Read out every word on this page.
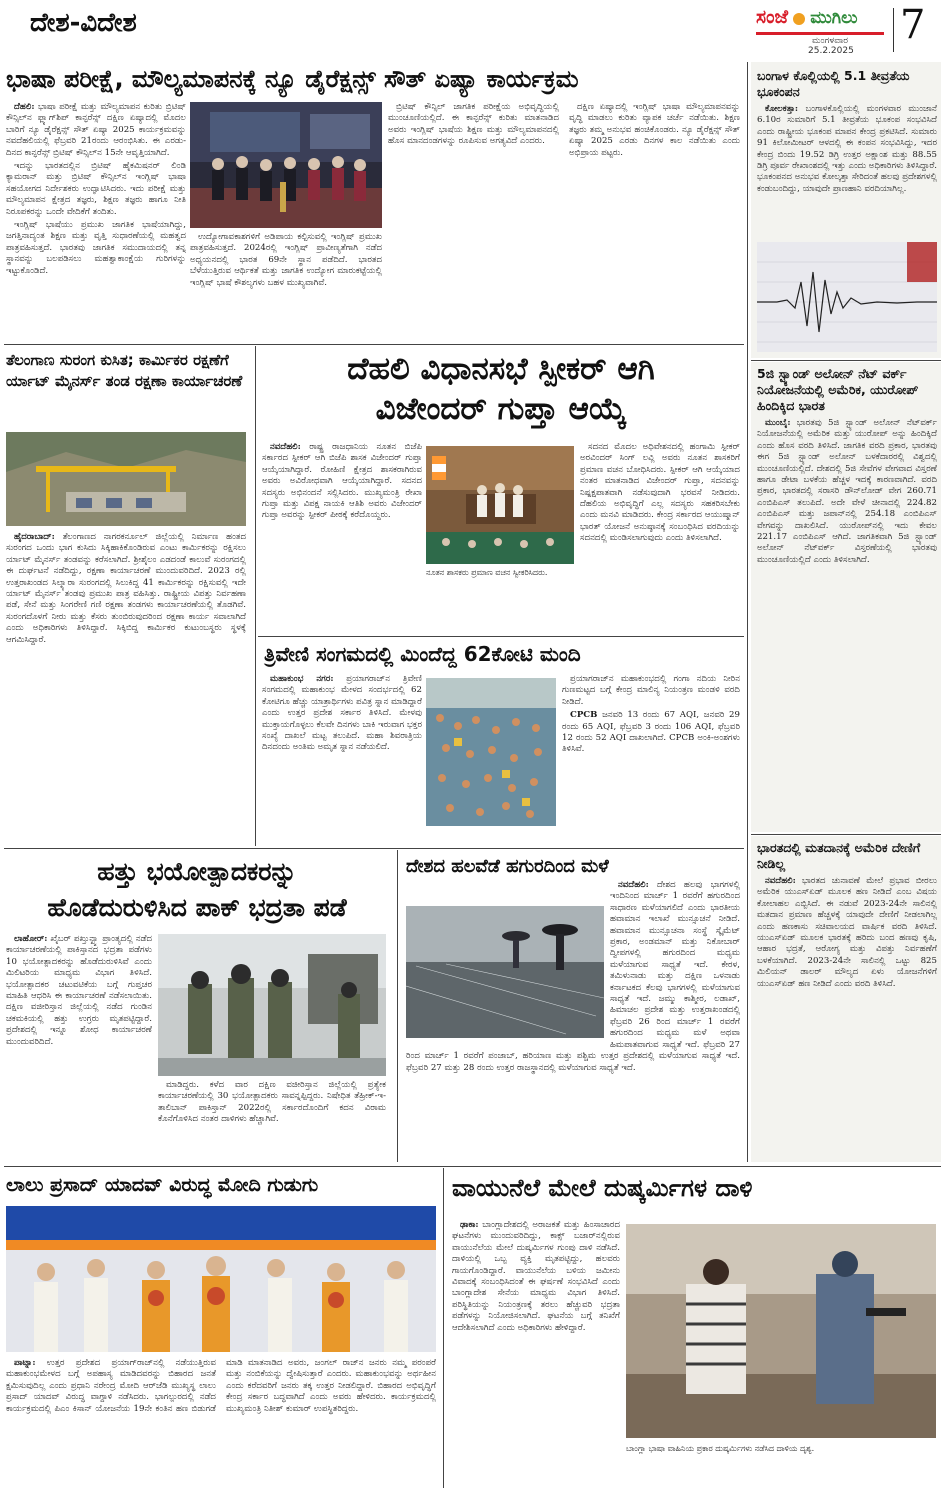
ದೇಶ-ವಿದೇಶ	ಸಂಜೆ ಮುಗಿಲು
ಮಂಗಳವಾರ
25.2.2025
7
ಭಾಷಾ ಪರೀಕ್ಷೆ, ಮೌಲ್ಯಮಾಪನಕ್ಕೆ ನ್ಯೂ ಡೈರೆಕ್ಷನ್ಸ್ ಸೌತ್ ಏಷ್ಯಾ ಕಾರ್ಯಕ್ರಮ

ದೆಹಲಿ: ಭಾಷಾ ಪರೀಕ್ಷೆ ಮತ್ತು ಮೌಲ್ಯಮಾಪನ ಕುರಿತು ಬ್ರಿಟಿಷ್ ಕೌನ್ಸಿಲ್‌ನ ಫ್ಲ್ಯಾಗ್‌ಶಿಪ್ ಕಾನ್ಫರೆನ್ಸ್ ದಕ್ಷಿಣ ಏಷ್ಯಾದಲ್ಲಿ ಮೊದಲ ಬಾರಿಗೆ ನ್ಯೂ ಡೈರೆಕ್ಷನ್ಸ್ ಸೌತ್ ಏಷ್ಯಾ 2025 ಕಾರ್ಯಕ್ರಮವನ್ನು ನವದೆಹಲಿಯಲ್ಲಿ ಫೆಬ್ರವರಿ 21ರಂದು ಆರಂಭಿಸಿತು. ಈ ಎರಡು-ದಿನದ ಕಾನ್ಫರೆನ್ಸ್ ಬ್ರಿಟಿಷ್ ಕೌನ್ಸಿಲ್‌ನ 15ನೇ ಆವೃತ್ತಿಯಾಗಿದೆ.

ಇದನ್ನು ಭಾರತದಲ್ಲಿನ ಬ್ರಿಟಿಷ್ ಹೈಕಮಿಷನರ್ ಲಿಂಡಿ ಕ್ಯಾಮರಾನ್ ಮತ್ತು ಬ್ರಿಟಿಷ್ ಕೌನ್ಸಿಲ್‌ನ ಇಂಗ್ಲಿಷ್ ಭಾಷಾ ಸಹಯೋಗದ ನಿರ್ದೇಶಕರು ಉದ್ಘಾಟಿಸಿದರು. ಇದು ಪರೀಕ್ಷೆ ಮತ್ತು ಮೌಲ್ಯಮಾಪನ ಕ್ಷೇತ್ರದ ತಜ್ಞರು, ಶಿಕ್ಷಣ ತಜ್ಞರು ಹಾಗೂ ನೀತಿ ನಿರೂಪಕರನ್ನು ಒಂದೇ ವೇದಿಕೆಗೆ ತಂದಿತು.

ಇಂಗ್ಲಿಷ್ ಭಾಷೆಯು ಪ್ರಮುಖ ಜಾಗತಿಕ ಭಾಷೆಯಾಗಿದ್ದು, ಜಗತ್ತಿನಾದ್ಯಂತ ಶಿಕ್ಷಣ ಮತ್ತು ವೃತ್ತಿ ಸುಧಾರಣೆಯಲ್ಲಿ ಮಹತ್ವದ ಪಾತ್ರವಹಿಸುತ್ತದೆ. ಭಾರತವು ಜಾಗತಿಕ ಸಮುದಾಯದಲ್ಲಿ ತನ್ನ ಸ್ಥಾನವನ್ನು ಬಲಪಡಿಸಲು ಮಹತ್ವಾಕಾಂಕ್ಷೆಯ ಗುರಿಗಳನ್ನು ಇಟ್ಟುಕೊಂಡಿದೆ.

ಉದ್ಯೋಗಾವಕಾಶಗಳಿಗೆ ಅಡಿಪಾಯ ಕಲ್ಪಿಸುವಲ್ಲಿ ಇಂಗ್ಲಿಷ್ ಪ್ರಮುಖ ಪಾತ್ರವಹಿಸುತ್ತದೆ. 2024ರಲ್ಲಿ ಇಂಗ್ಲಿಷ್ ಪ್ರಾವೀಣ್ಯತೆಗಾಗಿ ನಡೆದ ಅಧ್ಯಯನದಲ್ಲಿ ಭಾರತ 69ನೇ ಸ್ಥಾನ ಪಡೆದಿದೆ. ಭಾರತದ ಬೆಳೆಯುತ್ತಿರುವ ಆರ್ಥಿಕತೆ ಮತ್ತು ಜಾಗತಿಕ ಉದ್ಯೋಗ ಮಾರುಕಟ್ಟೆಯಲ್ಲಿ ಇಂಗ್ಲಿಷ್ ಭಾಷೆ ಕೌಶಲ್ಯಗಳು ಬಹಳ ಮುಖ್ಯವಾಗಿವೆ.

ಬ್ರಿಟಿಷ್ ಕೌನ್ಸಿಲ್ ಜಾಗತಿಕ ಪರೀಕ್ಷೆಯ ಅಭಿವೃದ್ಧಿಯಲ್ಲಿ ಮುಂಚೂಣಿಯಲ್ಲಿದೆ. ಈ ಕಾನ್ಫರೆನ್ಸ್ ಕುರಿತು ಮಾತನಾಡಿದ ಅವರು ಇಂಗ್ಲಿಷ್ ಭಾಷೆಯ ಶಿಕ್ಷಣ ಮತ್ತು ಮೌಲ್ಯಮಾಪನದಲ್ಲಿ ಹೊಸ ಮಾನದಂಡಗಳನ್ನು ರೂಪಿಸುವ ಅಗತ್ಯವಿದೆ ಎಂದರು.

ದಕ್ಷಿಣ ಏಷ್ಯಾದಲ್ಲಿ ಇಂಗ್ಲಿಷ್ ಭಾಷಾ ಮೌಲ್ಯಮಾಪನವನ್ನು ವೃದ್ಧಿ ಮಾಡಲು ಕುರಿತು ವ್ಯಾಪಕ ಚರ್ಚೆ ನಡೆಯಿತು. ಶಿಕ್ಷಣ ತಜ್ಞರು ತಮ್ಮ ಅನುಭವ ಹಂಚಿಕೊಂಡರು. ನ್ಯೂ ಡೈರೆಕ್ಷನ್ಸ್ ಸೌತ್ ಏಷ್ಯಾ 2025 ಎರಡು ದಿನಗಳ ಕಾಲ ನಡೆಯಿತು ಎಂದು ಅಭಿಪ್ರಾಯ ಪಟ್ಟರು.

ಬಂಗಾಳ ಕೊಲ್ಲಿಯಲ್ಲಿ 5.1 ತೀವ್ರತೆಯ ಭೂಕಂಪನ

ಕೋಲಕತ್ತಾ: ಬಂಗಾಳಕೊಲ್ಲಿಯಲ್ಲಿ ಮಂಗಳವಾರ ಮುಂಜಾನೆ 6.10ರ ಸುಮಾರಿಗೆ 5.1 ತೀವ್ರತೆಯ ಭೂಕಂಪ ಸಂಭವಿಸಿದೆ ಎಂದು ರಾಷ್ಟ್ರೀಯ ಭೂಕಂಪ ಮಾಪನ ಕೇಂದ್ರ ಪ್ರಕಟಿಸಿದೆ. ಸುಮಾರು 91 ಕಿಲೋಮೀಟರ್ ಆಳದಲ್ಲಿ ಈ ಕಂಪನ ಸಂಭವಿಸಿದ್ದು, ಇದರ ಕೇಂದ್ರ ಬಿಂದು 19.52 ಡಿಗ್ರಿ ಉತ್ತರ ಅಕ್ಷಾಂಶ ಮತ್ತು 88.55 ಡಿಗ್ರಿ ಪೂರ್ವ ರೇಖಾಂಶದಲ್ಲಿ ಇತ್ತು ಎಂದು ಅಧಿಕಾರಿಗಳು ತಿಳಿಸಿದ್ದಾರೆ. ಭೂಕಂಪನದ ಅನುಭವ ಕೋಲ್ಕತ್ತಾ ಸೇರಿದಂತೆ ಹಲವು ಪ್ರದೇಶಗಳಲ್ಲಿ ಕಂಡುಬಂದಿದ್ದು, ಯಾವುದೇ ಪ್ರಾಣಹಾನಿ ವರದಿಯಾಗಿಲ್ಲ.

5ಜಿ ಸ್ಟ್ಯಾಂಡ್ ಅಲೋನ್ ನೆಟ್ ವರ್ಕ್ ನಿಯೋಜನೆಯಲ್ಲಿ ಅಮೆರಿಕ, ಯುರೋಪ್ ಹಿಂದಿಕ್ಕಿದ ಭಾರತ

ಮುಂಬೈ: ಭಾರತವು 5ಜಿ ಸ್ಟ್ಯಾಂಡ್ ಅಲೋನ್ ನೆಟ್‌ವರ್ಕ್ ನಿಯೋಜನೆಯಲ್ಲಿ ಅಮೆರಿಕ ಮತ್ತು ಯುರೋಪ್ ಅನ್ನು ಹಿಂದಿಕ್ಕಿದೆ ಎಂದು ಹೊಸ ವರದಿ ತಿಳಿಸಿದೆ. ಜಾಗತಿಕ ವರದಿ ಪ್ರಕಾರ, ಭಾರತವು ಈಗ 5ಜಿ ಸ್ಟ್ಯಾಂಡ್ ಅಲೋನ್ ಬಳಕೆದಾರರಲ್ಲಿ ವಿಶ್ವದಲ್ಲಿ ಮುಂಚೂಣಿಯಲ್ಲಿದೆ. ದೇಶದಲ್ಲಿ 5ಜಿ ಸೇವೆಗಳ ವೇಗವಾದ ವಿಸ್ತರಣೆ ಹಾಗೂ ಡೇಟಾ ಬಳಕೆಯ ಹೆಚ್ಚಳ ಇದಕ್ಕೆ ಕಾರಣವಾಗಿದೆ. ವರದಿ ಪ್ರಕಾರ, ಭಾರತದಲ್ಲಿ ಸರಾಸರಿ ಡೌನ್‌ಲೋಡ್ ವೇಗ 260.71 ಎಂಬಿಪಿಎಸ್ ತಲುಪಿದೆ. ಅದೇ ವೇಳೆ ಚೀನಾದಲ್ಲಿ 224.82 ಎಂಬಿಪಿಎಸ್ ಮತ್ತು ಜಪಾನ್‌ನಲ್ಲಿ 254.18 ಎಂಬಿಪಿಎಸ್ ವೇಗವನ್ನು ದಾಖಲಿಸಿದೆ. ಯುರೋಪ್‌ನಲ್ಲಿ ಇದು ಕೇವಲ 221.17 ಎಂಬಿಪಿಎಸ್ ಆಗಿದೆ. ಜಾಗತಿಕವಾಗಿ 5ಜಿ ಸ್ಟ್ಯಾಂಡ್ ಅಲೋನ್ ನೆಟ್‌ವರ್ಕ್ ವಿಸ್ತರಣೆಯಲ್ಲಿ ಭಾರತವು ಮುಂಚೂಣಿಯಲ್ಲಿದೆ ಎಂದು ತಿಳಿಸಲಾಗಿದೆ.

ಭಾರತದಲ್ಲಿ ಮತದಾನಕ್ಕೆ ಅಮೆರಿಕ ದೇಣಿಗೆ ನೀಡಿಲ್ಲ

ನವದೆಹಲಿ: ಭಾರತದ ಚುನಾವಣೆ ಮೇಲೆ ಪ್ರಭಾವ ಬೀರಲು ಅಮೆರಿಕ ಯುಎಸ್‌ಏಡ್ ಮೂಲಕ ಹಣ ನೀಡಿದೆ ಎಂಬ ವಿಷಯ ಕೋಲಾಹಲ ಎಬ್ಬಿಸಿದೆ. ಈ ನಡುವೆ 2023-24ನೇ ಸಾಲಿನಲ್ಲಿ ಮತದಾನ ಪ್ರಮಾಣ ಹೆಚ್ಚಳಕ್ಕೆ ಯಾವುದೇ ದೇಣಿಗೆ ನೀಡಲಾಗಿಲ್ಲ ಎಂದು ಹಣಕಾಸು ಸಚಿವಾಲಯದ ವಾರ್ಷಿಕ ವರದಿ ತಿಳಿಸಿದೆ. ಯುಎಸ್‌ಏಡ್ ಮೂಲಕ ಭಾರತಕ್ಕೆ ಹರಿದು ಬಂದ ಹಣವು ಕೃಷಿ, ಆಹಾರ ಭದ್ರತೆ, ಆರೋಗ್ಯ ಮತ್ತು ವಿಪತ್ತು ನಿರ್ವಹಣೆಗೆ ಬಳಕೆಯಾಗಿದೆ. 2023-24ನೇ ಸಾಲಿನಲ್ಲಿ ಒಟ್ಟು 825 ಮಿಲಿಯನ್ ಡಾಲರ್ ಮೌಲ್ಯದ ಏಳು ಯೋಜನೆಗಳಿಗೆ ಯುಎಸ್‌ಏಡ್ ಹಣ ನೀಡಿದೆ ಎಂದು ವರದಿ ತಿಳಿಸಿದೆ.

ತೆಲಂಗಾಣ ಸುರಂಗ ಕುಸಿತ; ಕಾರ್ಮಿಕರ ರಕ್ಷಣೆಗೆ ರ್ಯಾಟ್ ಮೈನರ್ಸ್ ತಂಡ ರಕ್ಷಣಾ ಕಾರ್ಯಾಚರಣೆ

ಹೈದರಾಬಾದ್: ತೆಲಂಗಾಣದ ನಾಗರಕರ್ನೂಲ್ ಜಿಲ್ಲೆಯಲ್ಲಿ ನಿರ್ಮಾಣ ಹಂತದ ಸುರಂಗದ ಒಂದು ಭಾಗ ಕುಸಿದು ಸಿಕ್ಕಿಹಾಕಿಕೊಂಡಿರುವ ಎಂಟು ಕಾರ್ಮಿಕರನ್ನು ರಕ್ಷಿಸಲು ರ್ಯಾಟ್ ಮೈನರ್ಸ್ ತಂಡವನ್ನು ಕರೆಸಲಾಗಿದೆ. ಶ್ರೀಶೈಲಂ ಎಡದಂಡೆ ಕಾಲುವೆ ಸುರಂಗದಲ್ಲಿ ಈ ದುರ್ಘಟನೆ ನಡೆದಿದ್ದು, ರಕ್ಷಣಾ ಕಾರ್ಯಾಚರಣೆ ಮುಂದುವರಿದಿದೆ. 2023 ರಲ್ಲಿ ಉತ್ತರಾಖಂಡದ ಸಿಲ್ಕ್ಯಾರಾ ಸುರಂಗದಲ್ಲಿ ಸಿಲುಕಿದ್ದ 41 ಕಾರ್ಮಿಕರನ್ನು ರಕ್ಷಿಸುವಲ್ಲಿ ಇದೇ ರ್ಯಾಟ್ ಮೈನರ್ಸ್ ತಂಡವು ಪ್ರಮುಖ ಪಾತ್ರ ವಹಿಸಿತ್ತು. ರಾಷ್ಟ್ರೀಯ ವಿಪತ್ತು ನಿರ್ವಹಣಾ ಪಡೆ, ಸೇನೆ ಮತ್ತು ಸಿಂಗರೇಣಿ ಗಣಿ ರಕ್ಷಣಾ ತಂಡಗಳು ಕಾರ್ಯಾಚರಣೆಯಲ್ಲಿ ತೊಡಗಿವೆ. ಸುರಂಗದೊಳಗೆ ನೀರು ಮತ್ತು ಕೆಸರು ತುಂಬಿರುವುದರಿಂದ ರಕ್ಷಣಾ ಕಾರ್ಯ ಸವಾಲಾಗಿದೆ ಎಂದು ಅಧಿಕಾರಿಗಳು ತಿಳಿಸಿದ್ದಾರೆ. ಸಿಕ್ಕಿಬಿದ್ದ ಕಾರ್ಮಿಕರ ಕುಟುಂಬಸ್ಥರು ಸ್ಥಳಕ್ಕೆ ಆಗಮಿಸಿದ್ದಾರೆ.

ದೆಹಲಿ ವಿಧಾನಸಭೆ ಸ್ಪೀಕರ್ ಆಗಿ
ವಿಜೇಂದರ್ ಗುಪ್ತಾ ಆಯ್ಕೆ

ನವದೆಹಲಿ: ರಾಷ್ಟ್ರ ರಾಜಧಾನಿಯ ನೂತನ ಬಿಜೆಪಿ ಸರ್ಕಾರದ ಸ್ಪೀಕರ್ ಆಗಿ ಬಿಜೆಪಿ ಶಾಸಕ ವಿಜೇಂದರ್ ಗುಪ್ತಾ ಆಯ್ಕೆಯಾಗಿದ್ದಾರೆ. ರೋಹಿಣಿ ಕ್ಷೇತ್ರದ ಶಾಸಕರಾಗಿರುವ ಅವರು ಅವಿರೋಧವಾಗಿ ಆಯ್ಕೆಯಾಗಿದ್ದಾರೆ. ಸದನದ ಸದಸ್ಯರು ಅಭಿನಂದನೆ ಸಲ್ಲಿಸಿದರು. ಮುಖ್ಯಮಂತ್ರಿ ರೇಖಾ ಗುಪ್ತಾ ಮತ್ತು ವಿಪಕ್ಷ ನಾಯಕಿ ಆತಿಶಿ ಅವರು ವಿಜೇಂದರ್ ಗುಪ್ತಾ ಅವರನ್ನು ಸ್ಪೀಕರ್ ಪೀಠಕ್ಕೆ ಕರೆದೊಯ್ದರು.

ನೂತನ ಶಾಸಕರು ಪ್ರಮಾಣ ವಚನ ಸ್ವೀಕರಿಸಿದರು.

ಸದನದ ಮೊದಲ ಅಧಿವೇಶನದಲ್ಲಿ ಹಂಗಾಮಿ ಸ್ಪೀಕರ್ ಅರವಿಂದರ್ ಸಿಂಗ್ ಲವ್ಲಿ ಅವರು ನೂತನ ಶಾಸಕರಿಗೆ ಪ್ರಮಾಣ ವಚನ ಬೋಧಿಸಿದರು. ಸ್ಪೀಕರ್ ಆಗಿ ಆಯ್ಕೆಯಾದ ನಂತರ ಮಾತನಾಡಿದ ವಿಜೇಂದರ್ ಗುಪ್ತಾ, ಸದನವನ್ನು ನಿಷ್ಪಕ್ಷಪಾತವಾಗಿ ನಡೆಸುವುದಾಗಿ ಭರವಸೆ ನೀಡಿದರು. ದೆಹಲಿಯ ಅಭಿವೃದ್ಧಿಗೆ ಎಲ್ಲ ಸದಸ್ಯರು ಸಹಕರಿಸಬೇಕು ಎಂದು ಮನವಿ ಮಾಡಿದರು. ಕೇಂದ್ರ ಸರ್ಕಾರದ ಆಯುಷ್ಮಾನ್ ಭಾರತ್ ಯೋಜನೆ ಅನುಷ್ಠಾನಕ್ಕೆ ಸಂಬಂಧಿಸಿದ ವರದಿಯನ್ನು ಸದನದಲ್ಲಿ ಮಂಡಿಸಲಾಗುವುದು ಎಂದು ತಿಳಿಸಲಾಗಿದೆ.

ತ್ರಿವೇಣಿ ಸಂಗಮದಲ್ಲಿ ಮಿಂದೆದ್ದ 62ಕೋಟಿ ಮಂದಿ

ಮಹಾಕುಂಭ ನಗರ: ಪ್ರಯಾಗರಾಜ್‌ನ ತ್ರಿವೇಣಿ ಸಂಗಮದಲ್ಲಿ ಮಹಾಕುಂಭ ಮೇಳದ ಸಂದರ್ಭದಲ್ಲಿ 62 ಕೋಟಿಗೂ ಹೆಚ್ಚು ಯಾತ್ರಾರ್ಥಿಗಳು ಪವಿತ್ರ ಸ್ನಾನ ಮಾಡಿದ್ದಾರೆ ಎಂದು ಉತ್ತರ ಪ್ರದೇಶ ಸರ್ಕಾರ ತಿಳಿಸಿದೆ. ಮೇಳವು ಮುಕ್ತಾಯಗೊಳ್ಳಲು ಕೆಲವೇ ದಿನಗಳು ಬಾಕಿ ಇರುವಾಗ ಭಕ್ತರ ಸಂಖ್ಯೆ ದಾಖಲೆ ಮಟ್ಟ ತಲುಪಿದೆ. ಮಹಾ ಶಿವರಾತ್ರಿಯ ದಿನದಂದು ಅಂತಿಮ ಅಮೃತ ಸ್ನಾನ ನಡೆಯಲಿದೆ.

ಪ್ರಯಾಗರಾಜ್‌ನ ಮಹಾಕುಂಭದಲ್ಲಿ ಗಂಗಾ ನದಿಯ ನೀರಿನ ಗುಣಮಟ್ಟದ ಬಗ್ಗೆ ಕೇಂದ್ರ ಮಾಲಿನ್ಯ ನಿಯಂತ್ರಣ ಮಂಡಳಿ ವರದಿ ನೀಡಿದೆ.

CPCB ಜನವರಿ 13 ರಂದು 67 AQI, ಜನವರಿ 29 ರಂದು 65 AQI, ಫೆಬ್ರವರಿ 3 ರಂದು 106 AQI, ಫೆಬ್ರವರಿ 12 ರಂದು 52 AQI ದಾಖಲಾಗಿದೆ. CPCB ಅಂಕಿ-ಅಂಶಗಳು ತಿಳಿಸಿವೆ.

ಹತ್ತು ಭಯೋತ್ಪಾದಕರನ್ನು
ಹೊಡೆದುರುಳಿಸಿದ ಪಾಕ್ ಭದ್ರತಾ ಪಡೆ

ಲಾಹೋರ್: ಖೈಬರ್ ಪಖ್ತುನ್ಖ್ವಾ ಪ್ರಾಂತ್ಯದಲ್ಲಿ ನಡೆದ ಕಾರ್ಯಾಚರಣೆಯಲ್ಲಿ ಪಾಕಿಸ್ತಾನದ ಭದ್ರತಾ ಪಡೆಗಳು 10 ಭಯೋತ್ಪಾದಕರನ್ನು ಹೊಡೆದುರುಳಿಸಿವೆ ಎಂದು ಮಿಲಿಟರಿಯ ಮಾಧ್ಯಮ ವಿಭಾಗ ತಿಳಿಸಿದೆ. ಭಯೋತ್ಪಾದಕರ ಚಟುವಟಿಕೆಯ ಬಗ್ಗೆ ಗುಪ್ತಚರ ಮಾಹಿತಿ ಆಧರಿಸಿ ಈ ಕಾರ್ಯಾಚರಣೆ ನಡೆಸಲಾಯಿತು. ದಕ್ಷಿಣ ವಜೀರಿಸ್ತಾನ ಜಿಲ್ಲೆಯಲ್ಲಿ ನಡೆದ ಗುಂಡಿನ ಚಕಮಕಿಯಲ್ಲಿ ಹತ್ತು ಉಗ್ರರು ಮೃತಪಟ್ಟಿದ್ದಾರೆ. ಪ್ರದೇಶದಲ್ಲಿ ಇನ್ನೂ ಶೋಧ ಕಾರ್ಯಾಚರಣೆ ಮುಂದುವರಿದಿದೆ.

ಮಾಡಿದ್ದರು. ಕಳೆದ ವಾರ ದಕ್ಷಿಣ ವಜೀರಿಸ್ತಾನ ಜಿಲ್ಲೆಯಲ್ಲಿ ಪ್ರತ್ಯೇಕ ಕಾರ್ಯಾಚರಣೆಯಲ್ಲಿ 30 ಭಯೋತ್ಪಾದಕರು ಸಾವನ್ನಪ್ಪಿದ್ದರು. ನಿಷೇಧಿತ ತೆಹ್ರೀಕ್-ಇ-ತಾಲಿಬಾನ್ ಪಾಕಿಸ್ತಾನ್ 2022ರಲ್ಲಿ ಸರ್ಕಾರದೊಂದಿಗೆ ಕದನ ವಿರಾಮ ಕೊನೆಗೊಳಿಸಿದ ನಂತರ ದಾಳಿಗಳು ಹೆಚ್ಚಾಗಿವೆ.

ದೇಶದ ಹಲವೆಡೆ ಹಗುರದಿಂದ ಮಳೆ

ನವದೆಹಲಿ: ದೇಶದ ಹಲವು ಭಾಗಗಳಲ್ಲಿ ಇಂದಿನಿಂದ ಮಾರ್ಚ್ 1 ರವರೆಗೆ ಹಗುರದಿಂದ ಸಾಧಾರಣ ಮಳೆಯಾಗಲಿದೆ ಎಂದು ಭಾರತೀಯ ಹವಾಮಾನ ಇಲಾಖೆ ಮುನ್ಸೂಚನೆ ನೀಡಿದೆ. ಹವಾಮಾನ ಮುನ್ಸೂಚನಾ ಸಂಸ್ಥೆ ಸ್ಕೈಮೆಟ್ ಪ್ರಕಾರ, ಅಂಡಮಾನ್ ಮತ್ತು ನಿಕೋಬಾರ್ ದ್ವೀಪಗಳಲ್ಲಿ ಹಗುರದಿಂದ ಮಧ್ಯಮ ಮಳೆಯಾಗುವ ಸಾಧ್ಯತೆ ಇದೆ. ಕೇರಳ, ತಮಿಳುನಾಡು ಮತ್ತು ದಕ್ಷಿಣ ಒಳನಾಡು ಕರ್ನಾಟಕದ ಕೆಲವು ಭಾಗಗಳಲ್ಲಿ ಮಳೆಯಾಗುವ ಸಾಧ್ಯತೆ ಇದೆ. ಜಮ್ಮು ಕಾಶ್ಮೀರ, ಲಡಾಖ್, ಹಿಮಾಚಲ ಪ್ರದೇಶ ಮತ್ತು ಉತ್ತರಾಖಂಡದಲ್ಲಿ ಫೆಬ್ರವರಿ 26 ರಿಂದ ಮಾರ್ಚ್ 1 ರವರೆಗೆ ಹಗುರದಿಂದ ಮಧ್ಯಮ ಮಳೆ ಅಥವಾ ಹಿಮಪಾತವಾಗುವ ಸಾಧ್ಯತೆ ಇದೆ. ಫೆಬ್ರವರಿ 27 ರಿಂದ ಮಾರ್ಚ್ 1 ರವರೆಗೆ ಪಂಜಾಬ್, ಹರಿಯಾಣ ಮತ್ತು ಪಶ್ಚಿಮ ಉತ್ತರ ಪ್ರದೇಶದಲ್ಲಿ ಮಳೆಯಾಗುವ ಸಾಧ್ಯತೆ ಇದೆ. ಫೆಬ್ರವರಿ 27 ಮತ್ತು 28 ರಂದು ಉತ್ತರ ರಾಜಸ್ಥಾನದಲ್ಲಿ ಮಳೆಯಾಗುವ ಸಾಧ್ಯತೆ ಇದೆ.

ಲಾಲು ಪ್ರಸಾದ್ ಯಾದವ್ ವಿರುದ್ಧ ಮೋದಿ ಗುಡುಗು

ಪಾಟ್ನಾ: ಉತ್ತರ ಪ್ರದೇಶದ ಪ್ರಯಾಗ್‌ರಾಜ್‌ನಲ್ಲಿ ನಡೆಯುತ್ತಿರುವ ಮಹಾಕುಂಭಮೇಳದ ಬಗ್ಗೆ ಅಪಹಾಸ್ಯ ಮಾಡಿದವರನ್ನು ಬಿಹಾರದ ಜನತೆ ಕ್ಷಮಿಸುವುದಿಲ್ಲ ಎಂದು ಪ್ರಧಾನಿ ನರೇಂದ್ರ ಮೋದಿ ಆರ್‌ಜೆಡಿ ಮುಖ್ಯಸ್ಥ ಲಾಲು ಪ್ರಸಾದ್ ಯಾದವ್ ವಿರುದ್ಧ ವಾಗ್ದಾಳಿ ನಡೆಸಿದರು. ಭಾಗಲ್ಪುರದಲ್ಲಿ ನಡೆದ ಕಾರ್ಯಕ್ರಮದಲ್ಲಿ ಪಿಎಂ ಕಿಸಾನ್ ಯೋಜನೆಯ 19ನೇ ಕಂತಿನ ಹಣ ಬಿಡುಗಡೆ ಮಾಡಿ ಮಾತನಾಡಿದ ಅವರು, ಜಂಗಲ್ ರಾಜ್‌ನ ಜನರು ನಮ್ಮ ಪರಂಪರೆ ಮತ್ತು ನಂಬಿಕೆಯನ್ನು ದ್ವೇಷಿಸುತ್ತಾರೆ ಎಂದರು. ಮಹಾಕುಂಭವನ್ನು ಅರ್ಥಹೀನ ಎಂದು ಕರೆದವರಿಗೆ ಜನರು ತಕ್ಕ ಉತ್ತರ ನೀಡಲಿದ್ದಾರೆ. ಬಿಹಾರದ ಅಭಿವೃದ್ಧಿಗೆ ಕೇಂದ್ರ ಸರ್ಕಾರ ಬದ್ಧವಾಗಿದೆ ಎಂದು ಅವರು ಹೇಳಿದರು. ಕಾರ್ಯಕ್ರಮದಲ್ಲಿ ಮುಖ್ಯಮಂತ್ರಿ ನಿತೀಶ್ ಕುಮಾರ್ ಉಪಸ್ಥಿತರಿದ್ದರು.

ವಾಯುನೆಲೆ ಮೇಲೆ ದುಷ್ಕರ್ಮಿಗಳ ದಾಳಿ

ಢಾಕಾ: ಬಾಂಗ್ಲಾದೇಶದಲ್ಲಿ ಅರಾಜಕತೆ ಮತ್ತು ಹಿಂಸಾಚಾರದ ಘಟನೆಗಳು ಮುಂದುವರಿದಿದ್ದು, ಕಾಕ್ಸ್ ಬಜಾರ್‌ನಲ್ಲಿರುವ ವಾಯುನೆಲೆಯ ಮೇಲೆ ದುಷ್ಕರ್ಮಿಗಳ ಗುಂಪು ದಾಳಿ ನಡೆಸಿದೆ. ದಾಳಿಯಲ್ಲಿ ಒಬ್ಬ ವ್ಯಕ್ತಿ ಮೃತಪಟ್ಟಿದ್ದು, ಹಲವರು ಗಾಯಗೊಂಡಿದ್ದಾರೆ. ವಾಯುನೆಲೆಯ ಬಳಿಯ ಜಮೀನು ವಿವಾದಕ್ಕೆ ಸಂಬಂಧಿಸಿದಂತೆ ಈ ಘರ್ಷಣೆ ಸಂಭವಿಸಿದೆ ಎಂದು ಬಾಂಗ್ಲಾದೇಶ ಸೇನೆಯ ಮಾಧ್ಯಮ ವಿಭಾಗ ತಿಳಿಸಿದೆ. ಪರಿಸ್ಥಿತಿಯನ್ನು ನಿಯಂತ್ರಣಕ್ಕೆ ತರಲು ಹೆಚ್ಚುವರಿ ಭದ್ರತಾ ಪಡೆಗಳನ್ನು ನಿಯೋಜಿಸಲಾಗಿದೆ. ಘಟನೆಯ ಬಗ್ಗೆ ತನಿಖೆಗೆ ಆದೇಶಿಸಲಾಗಿದೆ ಎಂದು ಅಧಿಕಾರಿಗಳು ಹೇಳಿದ್ದಾರೆ.

ಬಾಂಗ್ಲಾ ಭಾಷಾ ವಾಹಿನಿಯ ಪ್ರಕಾರ ದುಷ್ಕರ್ಮಿಗಳು ನಡೆಸಿದ ದಾಳಿಯ ದೃಶ್ಯ.
